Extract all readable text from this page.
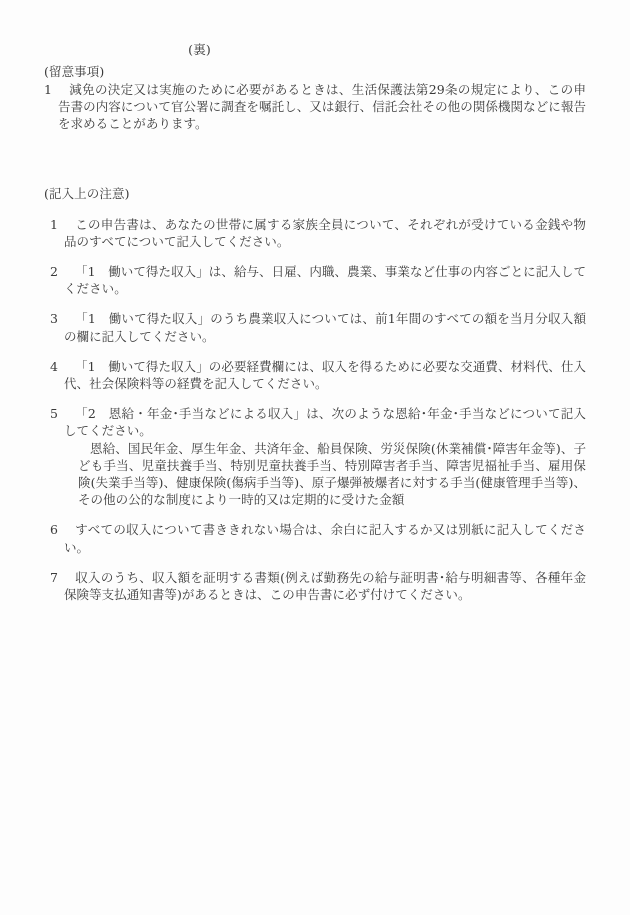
(裏)
(留意事項)
1	減免の決定又は実施のために必要があるときは、生活保護法第29条の規定により、この申告書の内容について官公署に調査を嘱託し、又は銀行、信託会社その他の関係機関などに報告を求めることがあります。
(記入上の注意)
1	この申告書は、あなたの世帯に属する家族全員について、それぞれが受けている金銭や物品のすべてについて記入してください。
2	「1　働いて得た収入」は、給与、日雇、内職、農業、事業など仕事の内容ごとに記入してください。
3	「1　働いて得た収入」のうち農業収入については、前1年間のすべての額を当月分収入額の欄に記入してください。
4	「1　働いて得た収入」の必要経費欄には、収入を得るために必要な交通費、材料代、仕入代、社会保険料等の経費を記入してください。
5	「2　恩給・年金･手当などによる収入」は、次のような恩給･年金･手当などについて記入してください。
恩給、国民年金、厚生年金、共済年金、船員保険、労災保険(休業補償･障害年金等)、子ども手当、児童扶養手当、特別児童扶養手当、特別障害者手当、障害児福祉手当、雇用保険(失業手当等)、健康保険(傷病手当等)、原子爆弾被爆者に対する手当(健康管理手当等)、その他の公的な制度により一時的又は定期的に受けた金額
6	すべての収入について書ききれない場合は、余白に記入するか又は別紙に記入してください。
7	収入のうち、収入額を証明する書類(例えば勤務先の給与証明書･給与明細書等、各種年金保険等支払通知書等)があるときは、この申告書に必ず付けてください。
